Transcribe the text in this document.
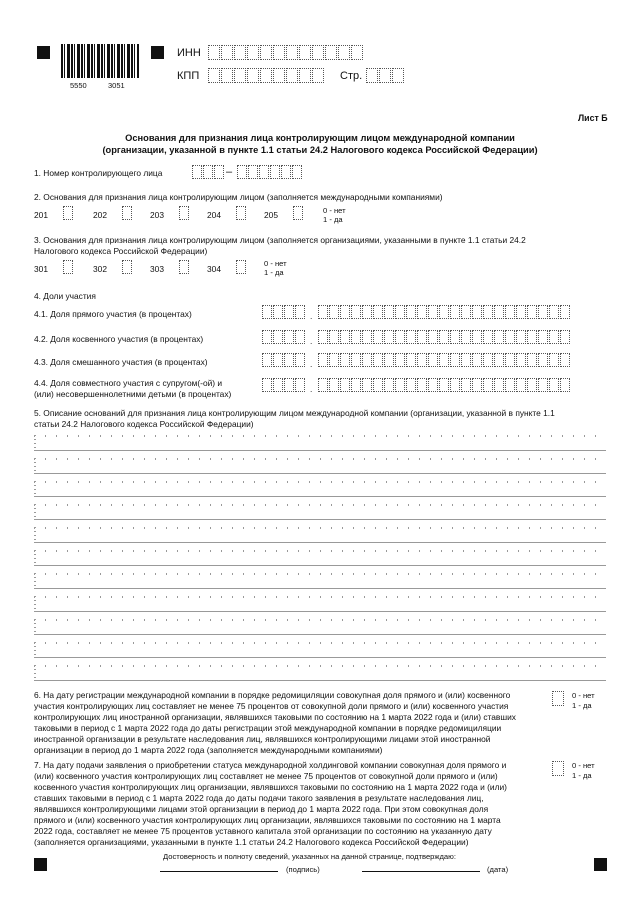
5550	3051
ИНН
КПП	Стр.
Лист Б
Основания для признания лица контролирующим лицом международной компании
(организации, указанной в пункте 1.1 статьи 24.2 Налогового кодекса Российской Федерации)
1. Номер контролирующего лица	–
2. Основания для признания лица контролирующим лицом (заполняется международными компаниями)
201	202	203	204	205	0 - нет
1 - да
3. Основания для признания лица контролирующим лицом (заполняется организациями, указанными в пункте 1.1 статьи 24.2
Налогового кодекса Российской Федерации)
301	302	303	304
0 - нет
1 - да
4. Доли участия
4.1. Доля прямого участия (в процентах)	.
4.2. Доля косвенного участия (в процентах)	.
4.3. Доля смешанного участия (в процентах)	.
4.4. Доля совместного участия с супругом(-ой) и
(или) несовершеннолетними детьми (в процентах)	.
5. Описание оснований для признания лица контролирующим лицом международной компании (организации, указанной в пункте 1.1
статьи 24.2 Налогового кодекса Российской Федерации)
6. На дату регистрации международной компании в порядке редомициляции совокупная доля прямого и (или) косвенного
участия контролирующих лиц составляет не менее 75 процентов от совокупной доли прямого и (или) косвенного участия
контролирующих лиц иностранной организации, являвшихся таковыми по состоянию на 1 марта 2022 года и (или) ставших
таковыми в период с 1 марта 2022 года до даты регистрации этой международной компании в порядке редомициляции
иностранной организации в результате наследования лиц, являвшихся контролирующими лицами этой иностранной
организации в период до 1 марта 2022 года (заполняется международными компаниями)
0 - нет
1 - да
7. На дату подачи заявления о приобретении статуса международной холдинговой компании совокупная доля прямого и
(или) косвенного участия контролирующих лиц составляет не менее 75 процентов от совокупной доли прямого и (или)
косвенного участия контролирующих лиц организации, являвшихся таковыми по состоянию на 1 марта 2022 года и (или)
ставших таковыми в период с 1 марта 2022 года до даты подачи такого заявления в результате наследования лиц,
являвшихся контролирующими лицами этой организации в период до 1 марта 2022 года. При этом совокупная доля
прямого и (или) косвенного участия контролирующих лиц организации, являвшихся таковыми по состоянию на 1 марта
2022 года, составляет не менее 75 процентов уставного капитала этой организации по состоянию на указанную дату
(заполняется организациями, указанными в пункте 1.1 статьи 24.2 Налогового кодекса Российской Федерации)
0 - нет
1 - да
Достоверность и полноту сведений, указанных на данной странице, подтверждаю:
(подпись)	(дата)
